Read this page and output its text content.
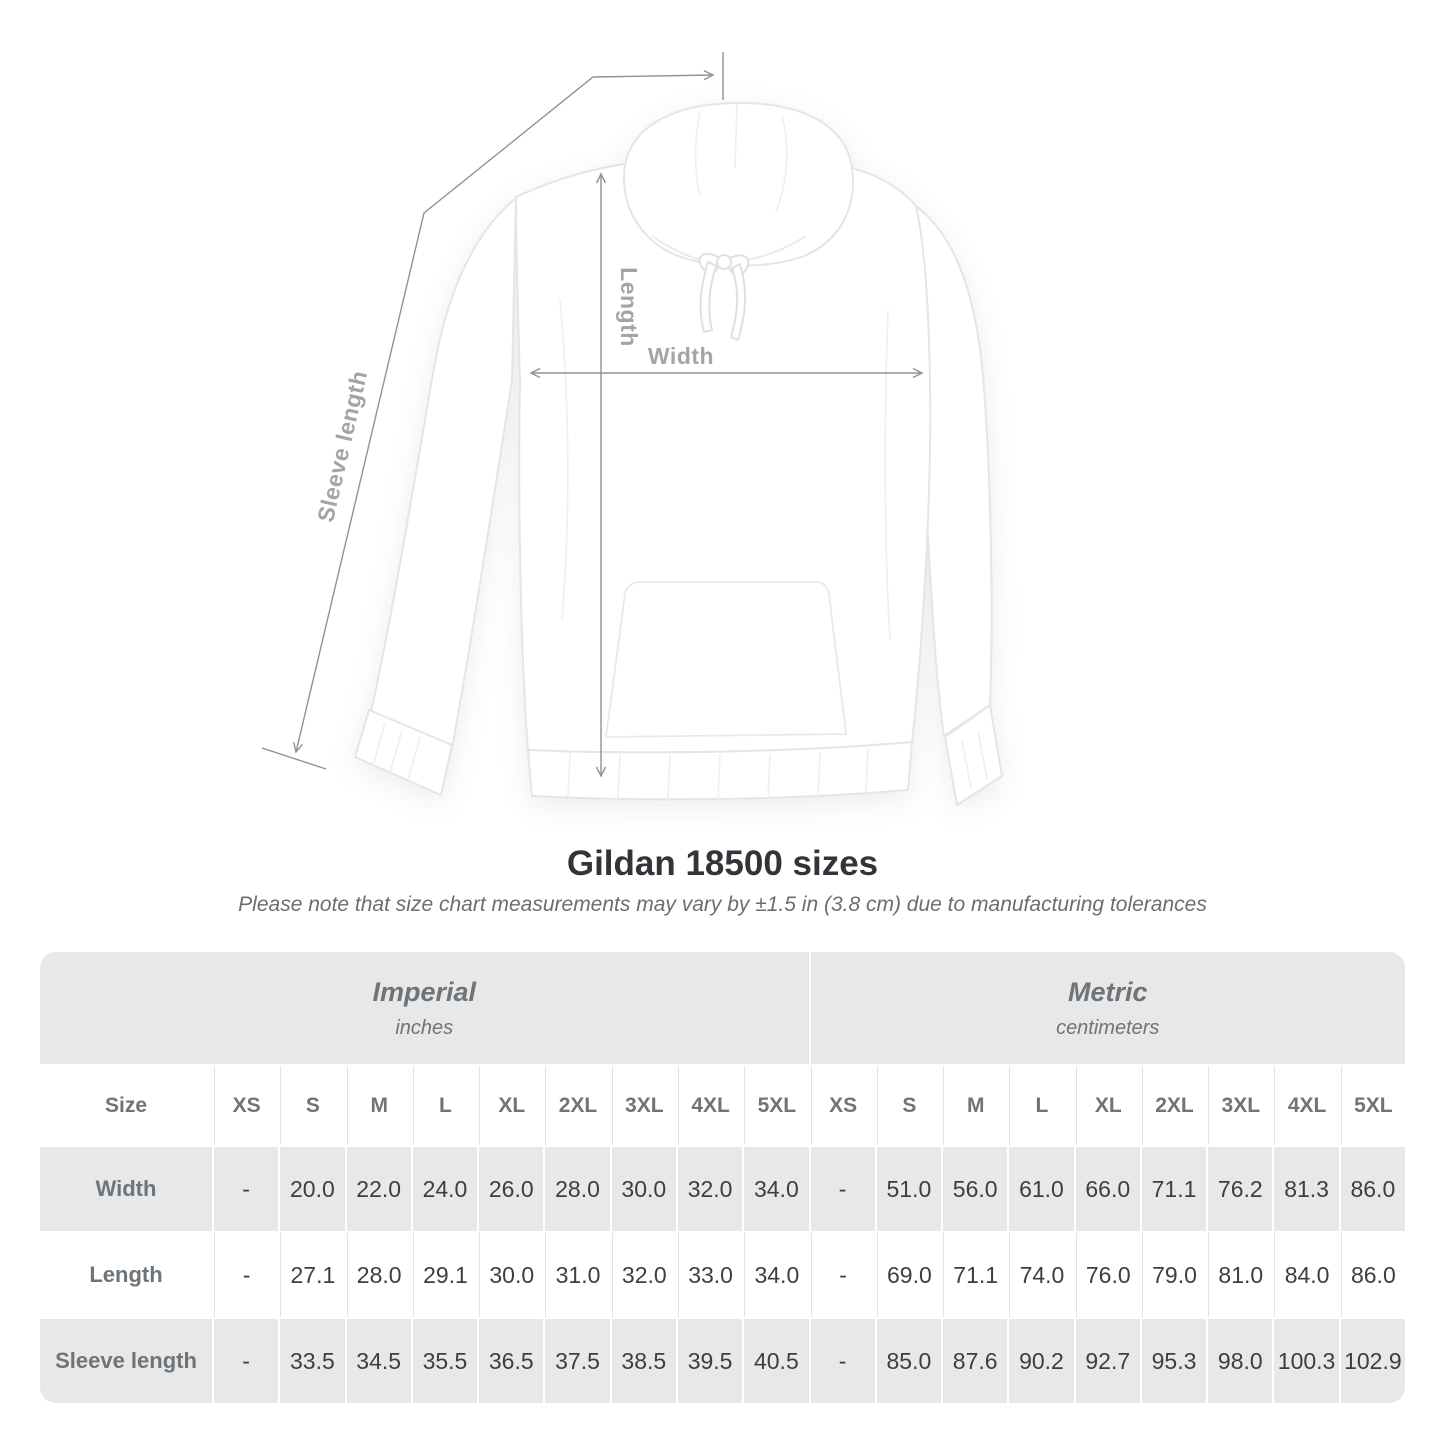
Sleeve length
Length
Width
Gildan 18500 sizes
Please note that size chart measurements may vary by ±1.5 in (3.8 cm) due to manufacturing tolerances
Imperial
inches
Metric
centimeters
Size	XS	S	M	L	XL	2XL	3XL	4XL	5XL	XS	S	M	L	XL	2XL	3XL	4XL	5XL
Width	-	20.0 22.0 24.0 26.0 28.0 30.0 32.0 34.0	-	51.0 56.0 61.0 66.0 71.1 76.2 81.3 86.0
Length	-	27.1 28.0 29.1 30.0 31.0 32.0 33.0 34.0	-	69.0 71.1 74.0 76.0 79.0 81.0 84.0 86.0
Sleeve length	-	33.5 34.5 35.5 36.5 37.5 38.5 39.5 40.5	-	85.0 87.6 90.2 92.7 95.3 98.0 100.3 102.9
